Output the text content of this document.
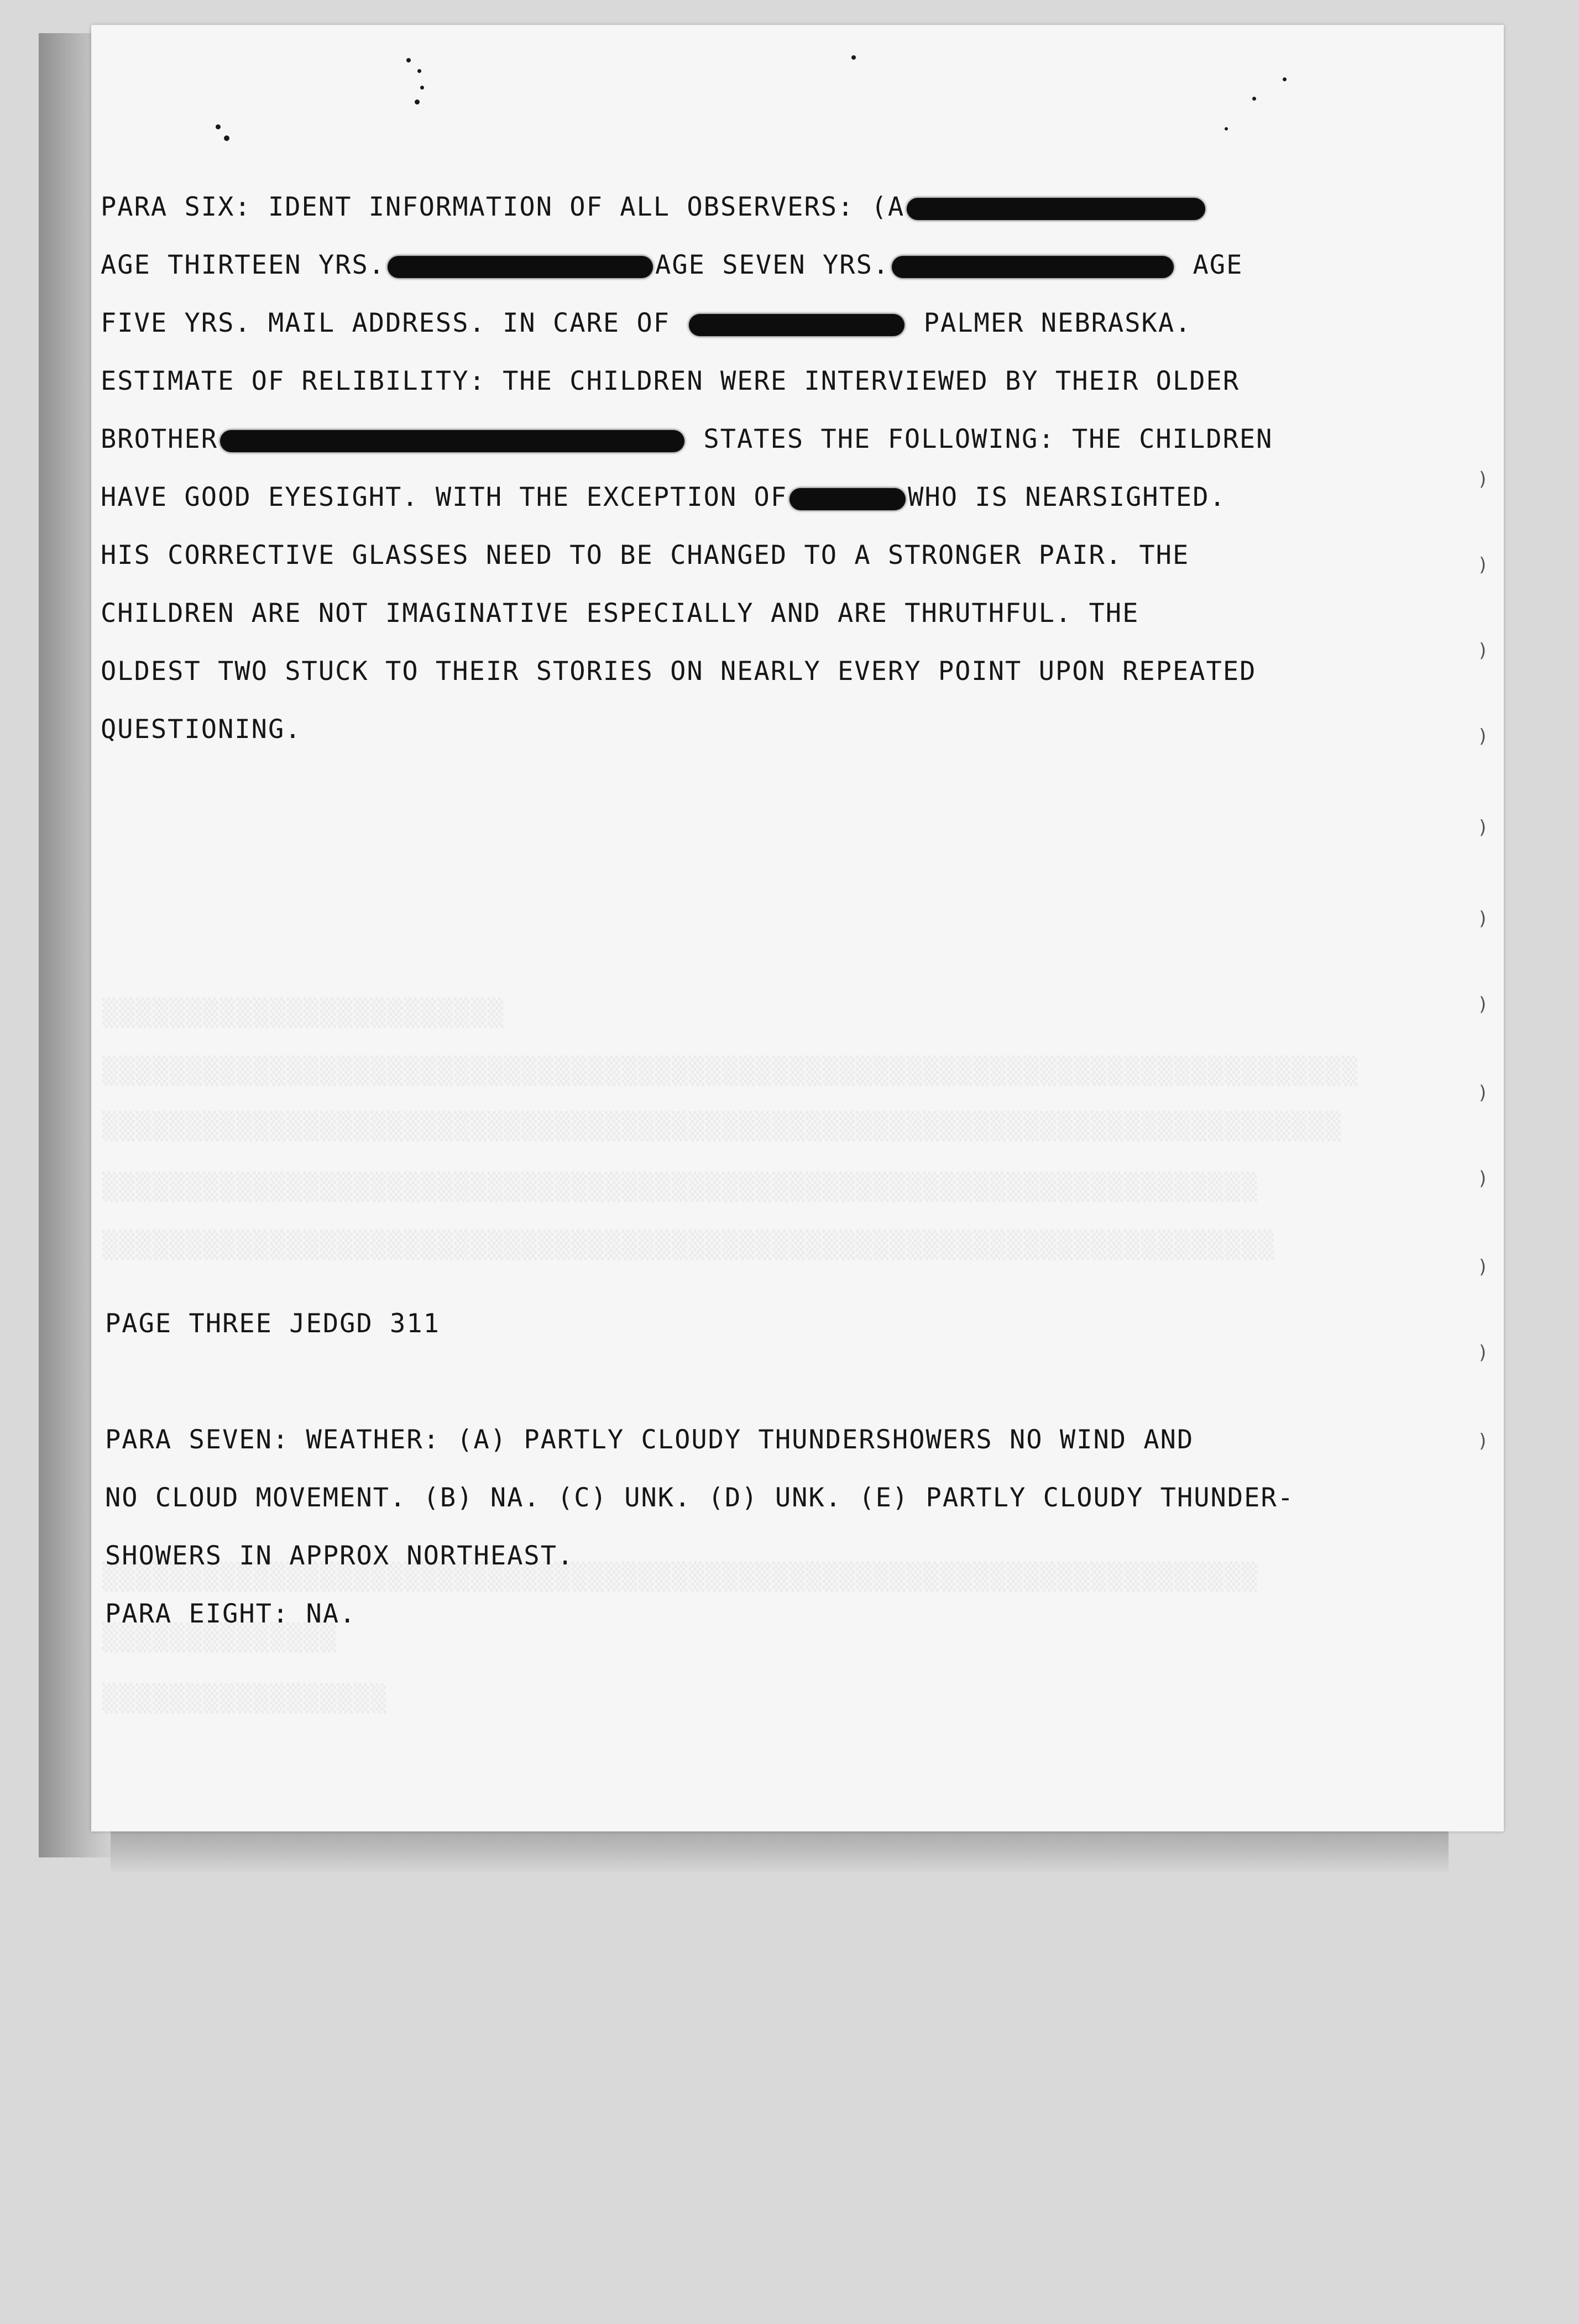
PARA SIX: IDENT INFORMATION OF ALL OBSERVERS: (A

AGE THIRTEEN YRS.	AGE SEVEN YRS.	AGE

FIVE YRS. MAIL ADDRESS. IN CARE OF	PALMER NEBRASKA.

ESTIMATE OF RELIBILITY: THE CHILDREN WERE INTERVIEWED BY THEIR OLDER

BROTHER	STATES THE FOLLOWING: THE CHILDREN

HAVE GOOD EYESIGHT. WITH THE EXCEPTION OF	WHO IS NEARSIGHTED.

HIS CORRECTIVE GLASSES NEED TO BE CHANGED TO A STRONGER PAIR. THE

CHILDREN ARE NOT IMAGINATIVE ESPECIALLY AND ARE THRUTHFUL. THE

OLDEST TWO STUCK TO THEIR STORIES ON NEARLY EVERY POINT UPON REPEATED

QUESTIONING.

PAGE THREE JEDGD 311

PARA SEVEN: WEATHER: (A) PARTLY CLOUDY THUNDERSHOWERS NO WIND AND

NO CLOUD MOVEMENT. (B) NA. (C) UNK. (D) UNK. (E) PARTLY CLOUDY THUNDER-

SHOWERS IN APPROX NORTHEAST.

PARA EIGHT: NA.

)
)
)
)
)
)
)
)
)
)
)
)
